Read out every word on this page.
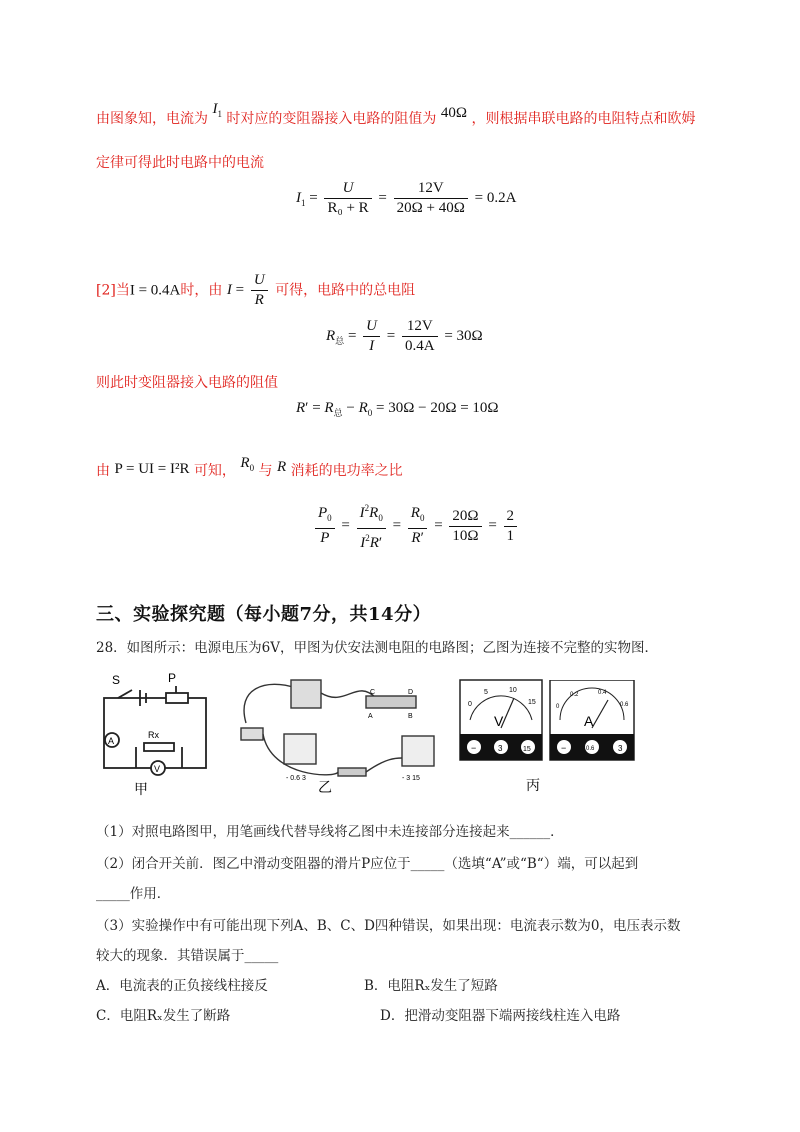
由图象知，电流为 $I_1$ 时对应的变阻器接入电路的阻值为 40Ω ，则根据串联电路的电阻特点和欧姆
定律可得此时电路中的电流
$I_1 = \frac{U}{\text{R₀ + R}} = \frac{12V}{20\Omega + 40\Omega} = 0.2A$
[2]当I = 0.4A时，由 $I = \frac{U}{R}$ 可得，电路中的总电阻
$R_总 = \frac{U}{I} = \frac{12V}{0.4A} = 30\Omega$
则此时变阻器接入电路的阻值
$R' = R_总 - R_0 = 30\Omega - 20\Omega = 10\Omega$
由 P = UI = I²R 可知， $R_0$ 与 R 消耗的电功率之比
$\frac{P_0}{P} = \frac{I^2R_0}{I^2R'} = \frac{R_0}{R'} = \frac{20\Omega}{10\Omega} = \frac{2}{1}$
三、实验探究题（每小题7分，共14分）
28．如图所示：电源电压为6V，甲图为伏安法测电阻的电路图；乙图为连接不完整的实物图．
S	P
Rx
A
V
甲
- 0.6 3	- 3 15
C	D
A	B
乙
V
−	3	15
0
5	10
15
丙
A
−	0.6	3
0
0.2	0.4
0.6
（1）对照电路图甲，用笔画线代替导线将乙图中未连接部分连接起来______．
（2）闭合开关前．图乙中滑动变阻器的滑片P应位于_____（选填“A”或“B“）端，可以起到
_____作用．
（3）实验操作中有可能出现下列A、B、C、D四种错误，如果出现：电流表示数为0，电压表示数
较大的现象．其错误属于_____
A．电流表的正负接线柱接反	B．电阻Rₓ发生了短路
C．电阻Rₓ发生了断路	D．把滑动变阻器下端两接线柱连入电路
